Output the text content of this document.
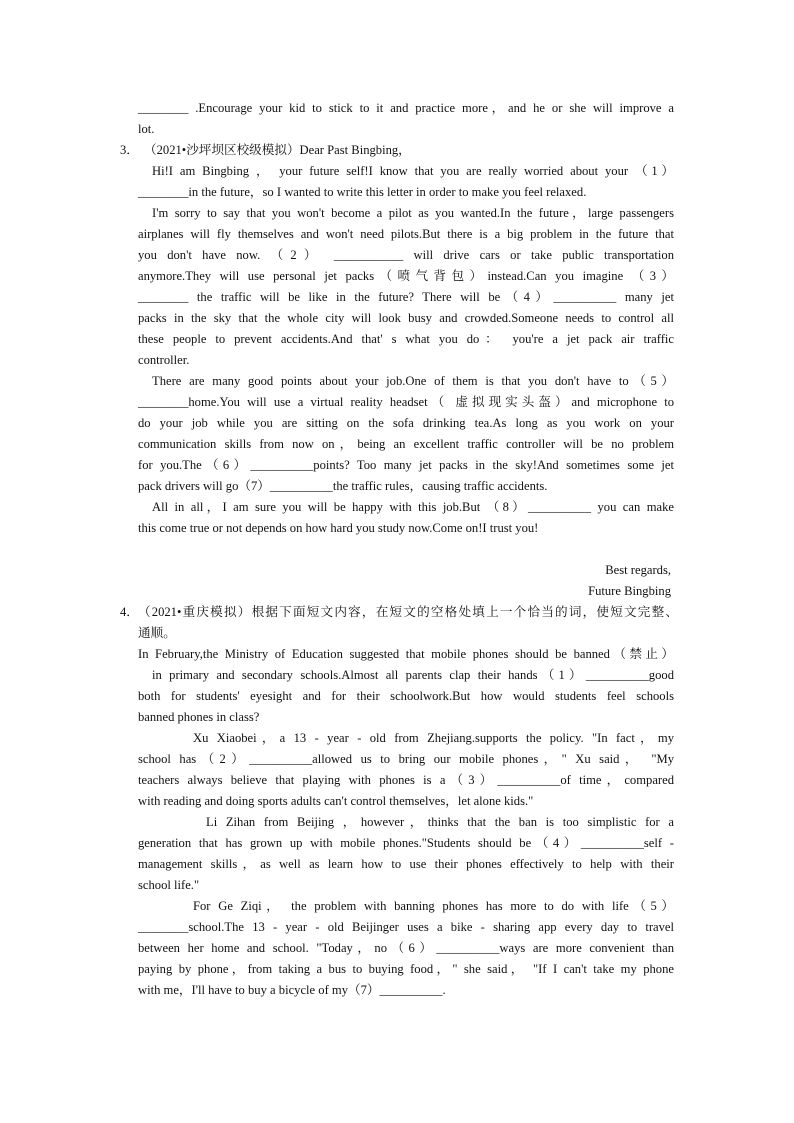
________ .Encourage your kid to stick to it and practice more，and he or she will improve a
lot.
3． （2021•沙坪坝区校级模拟）Dear Past Bingbing，
Hi!I am Bingbing ， your future self!I know that you are really worried about your （1）
________in the future，so I wanted to write this letter in order to make you feel relaxed.
I'm sorry to say that you won't become a pilot as you wanted.In the future，large passengers
airplanes will fly themselves and won't need pilots.But there is a big problem in the future that
you don't have now. （2） ___________ will drive cars or take public transportation
anymore.They will use personal jet packs（喷气背包）instead.Can you imagine （3）
________ the traffic will be like in the future? There will be（4）__________ many jet
packs in the sky that the whole city will look busy and crowded.Someone needs to control all
these people to prevent accidents.And that' s what you do： you're a jet pack air traffic
controller.
There are many good points about your job.One of them is that you don't have to（5）
________home.You will use a virtual reality headset（ 虚拟现实头盔）and microphone to
do your job while you are sitting on the sofa drinking tea.As long as you work on your
communication skills from now on，being an excellent traffic controller will be no problem
for you.The（6）__________points? Too many jet packs in the sky!And sometimes some jet
pack drivers will go（7）__________the traffic rules，causing traffic accidents.
All in all，I am sure you will be happy with this job.But （8）__________ you can make
this come true or not depends on how hard you study now.Come on!I trust you!
Best regards,
Future Bingbing
4． （2021•重庆模拟）根据下面短文内容，在短文的空格处填上一个恰当的词，使短文完整、
通顺。
In February,the Ministry of Education suggested that mobile phones should be banned（禁止）
in primary and secondary schools.Almost all parents clap their hands（1）__________good
both for students' eyesight and for their schoolwork.But how would students feel schools
banned phones in class?
Xu Xiaobei，a 13 - year - old from Zhejiang.supports the policy. "In fact，my
school has（2）__________allowed us to bring our mobile phones，" Xu said， "My
teachers always believe that playing with phones is a（3）__________of time，compared
with reading and doing sports adults can't control themselves，let alone kids."
Li Zihan from Beijing ，however，thinks that the ban is too simplistic for a
generation that has grown up with mobile phones."Students should be（4）__________self -
management skills，as well as learn how to use their phones effectively to help with their
school life."
For Ge Ziqi， the problem with banning phones has more to do with life（5）
________school.The 13 - year - old Beijinger uses a bike - sharing app every day to travel
between her home and school. "Today，no（6）__________ways are more convenient than
paying by phone，from taking a bus to buying food，" she said， "If I can't take my phone
with me，I'll have to buy a bicycle of my（7）__________.
